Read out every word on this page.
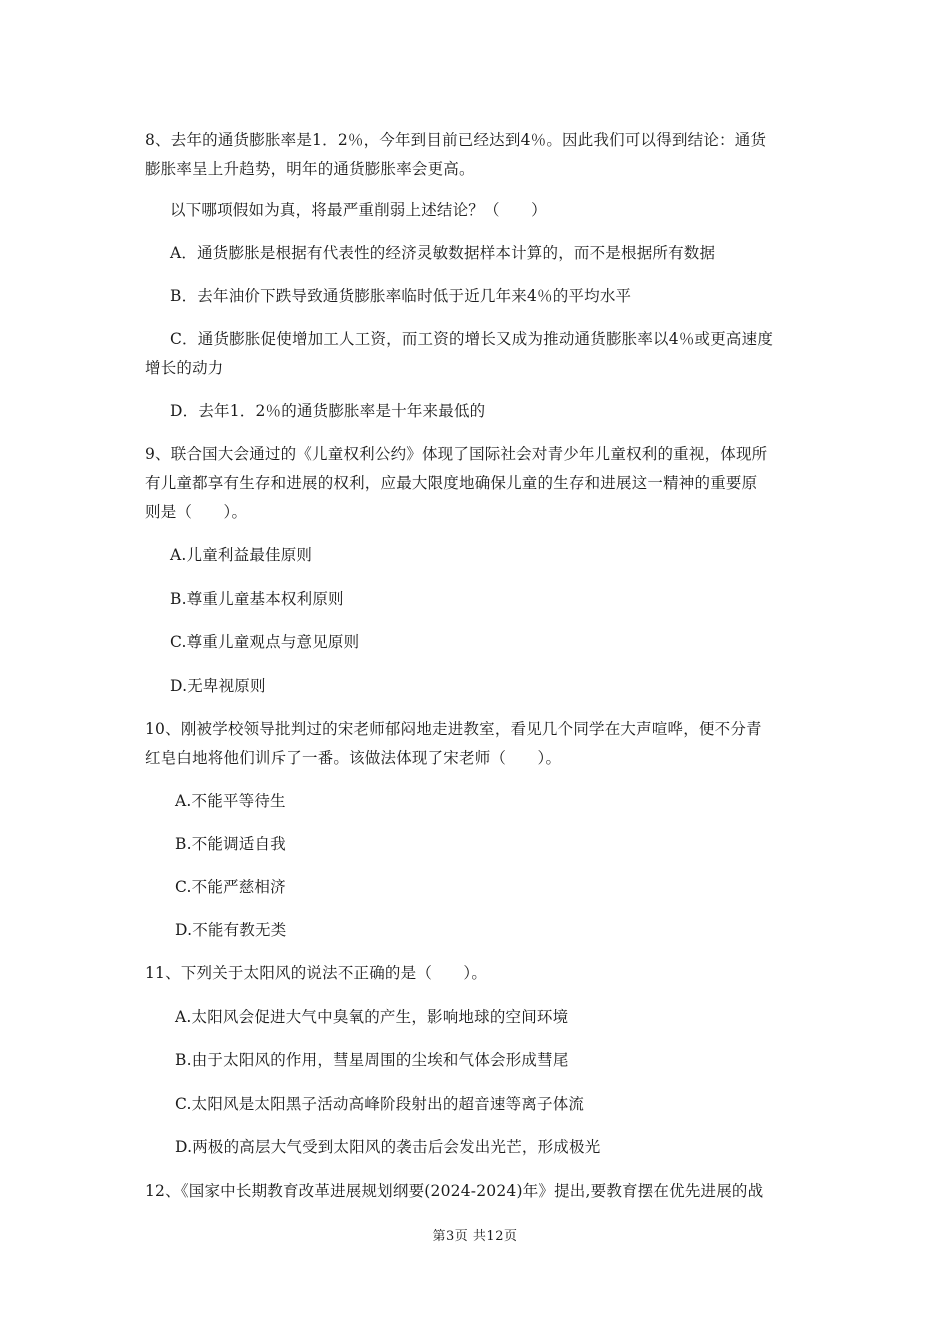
8、去年的通货膨胀率是1．2％，今年到目前已经达到4％。因此我们可以得到结论：通货
膨胀率呈上升趋势，明年的通货膨胀率会更高。
以下哪项假如为真，将最严重削弱上述结论？（　　）
A．通货膨胀是根据有代表性的经济灵敏数据样本计算的，而不是根据所有数据
B．去年油价下跌导致通货膨胀率临时低于近几年来4％的平均水平
C．通货膨胀促使增加工人工资，而工资的增长又成为推动通货膨胀率以4％或更高速度
增长的动力
D．去年1．2％的通货膨胀率是十年来最低的
9、联合国大会通过的《儿童权利公约》体现了国际社会对青少年儿童权利的重视，体现所
有儿童都享有生存和进展的权利，应最大限度地确保儿童的生存和进展这一精神的重要原
则是（　　）。
A.儿童利益最佳原则
B.尊重儿童基本权利原则
C.尊重儿童观点与意见原则
D.无卑视原则
10、刚被学校领导批判过的宋老师郁闷地走进教室，看见几个同学在大声喧哗，便不分青
红皂白地将他们训斥了一番。该做法体现了宋老师（　　）。
A.不能平等待生
B.不能调适自我
C.不能严慈相济
D.不能有教无类
11、下列关于太阳风的说法不正确的是（　　）。
A.太阳风会促进大气中臭氧的产生，影响地球的空间环境
B.由于太阳风的作用，彗星周围的尘埃和气体会形成彗尾
C.太阳风是太阳黑子活动高峰阶段射出的超音速等离子体流
D.两极的高层大气受到太阳风的袭击后会发出光芒，形成极光
12、《国家中长期教育改革进展规划纲要(2024-2024)年》提出,要教育摆在优先进展的战
第3页 共12页
